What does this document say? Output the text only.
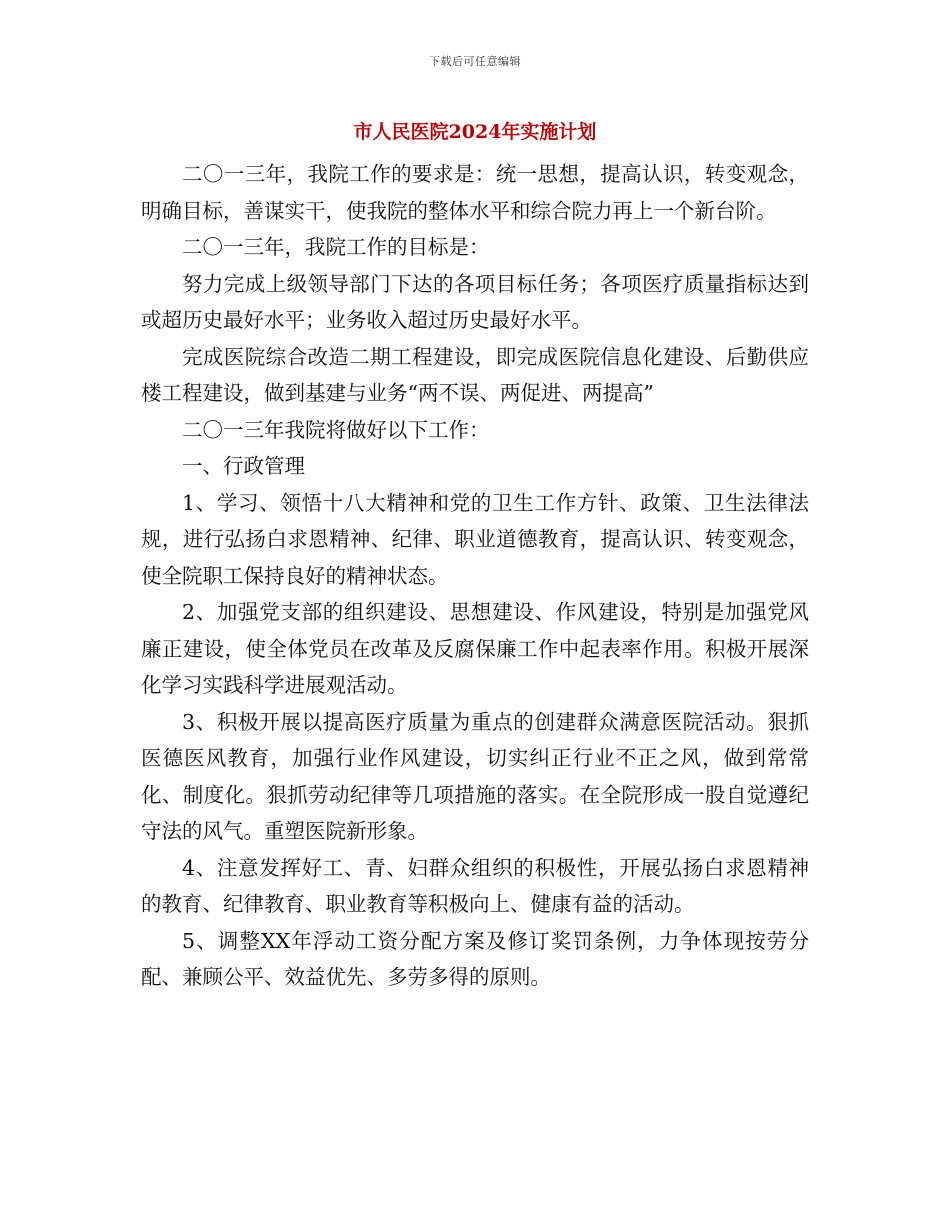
下载后可任意编辑
市人民医院2024年实施计划

二〇一三年，我院工作的要求是：统一思想，提高认识，转变观念，明确目标，善谋实干，使我院的整体水平和综合院力再上一个新台阶。

二〇一三年，我院工作的目标是：

努力完成上级领导部门下达的各项目标任务；各项医疗质量指标达到或超历史最好水平；业务收入超过历史最好水平。

完成医院综合改造二期工程建设，即完成医院信息化建设、后勤供应楼工程建设，做到基建与业务“两不误、两促进、两提高”

二〇一三年我院将做好以下工作：

一、行政管理

1、学习、领悟十八大精神和党的卫生工作方针、政策、卫生法律法规，进行弘扬白求恩精神、纪律、职业道德教育，提高认识、转变观念，使全院职工保持良好的精神状态。

2、加强党支部的组织建设、思想建设、作风建设，特别是加强党风廉正建设，使全体党员在改革及反腐保廉工作中起表率作用。积极开展深化学习实践科学进展观活动。

3、积极开展以提高医疗质量为重点的创建群众满意医院活动。狠抓医德医风教育，加强行业作风建设，切实纠正行业不正之风，做到常常化、制度化。狠抓劳动纪律等几项措施的落实。在全院形成一股自觉遵纪守法的风气。重塑医院新形象。

4、注意发挥好工、青、妇群众组织的积极性，开展弘扬白求恩精神的教育、纪律教育、职业教育等积极向上、健康有益的活动。

5、调整XX年浮动工资分配方案及修订奖罚条例，力争体现按劳分配、兼顾公平、效益优先、多劳多得的原则。
